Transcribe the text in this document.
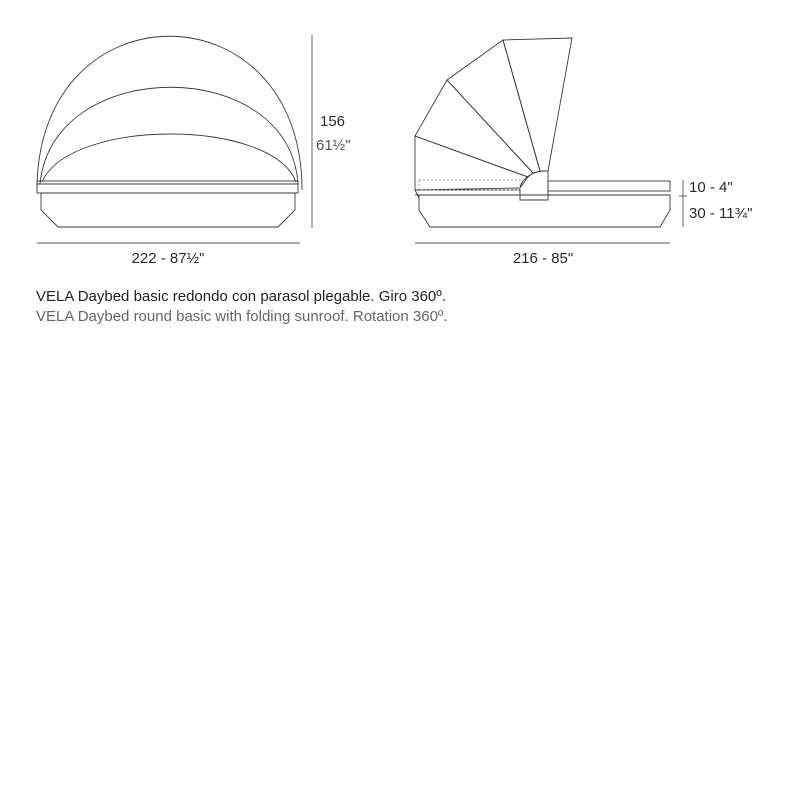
156
61½"
222 - 87½"
10 - 4"
30 - 11¾"
216 - 85"
VELA Daybed basic redondo con parasol plegable. Giro 360º.
VELA Daybed round basic with folding sunroof. Rotation 360º.
